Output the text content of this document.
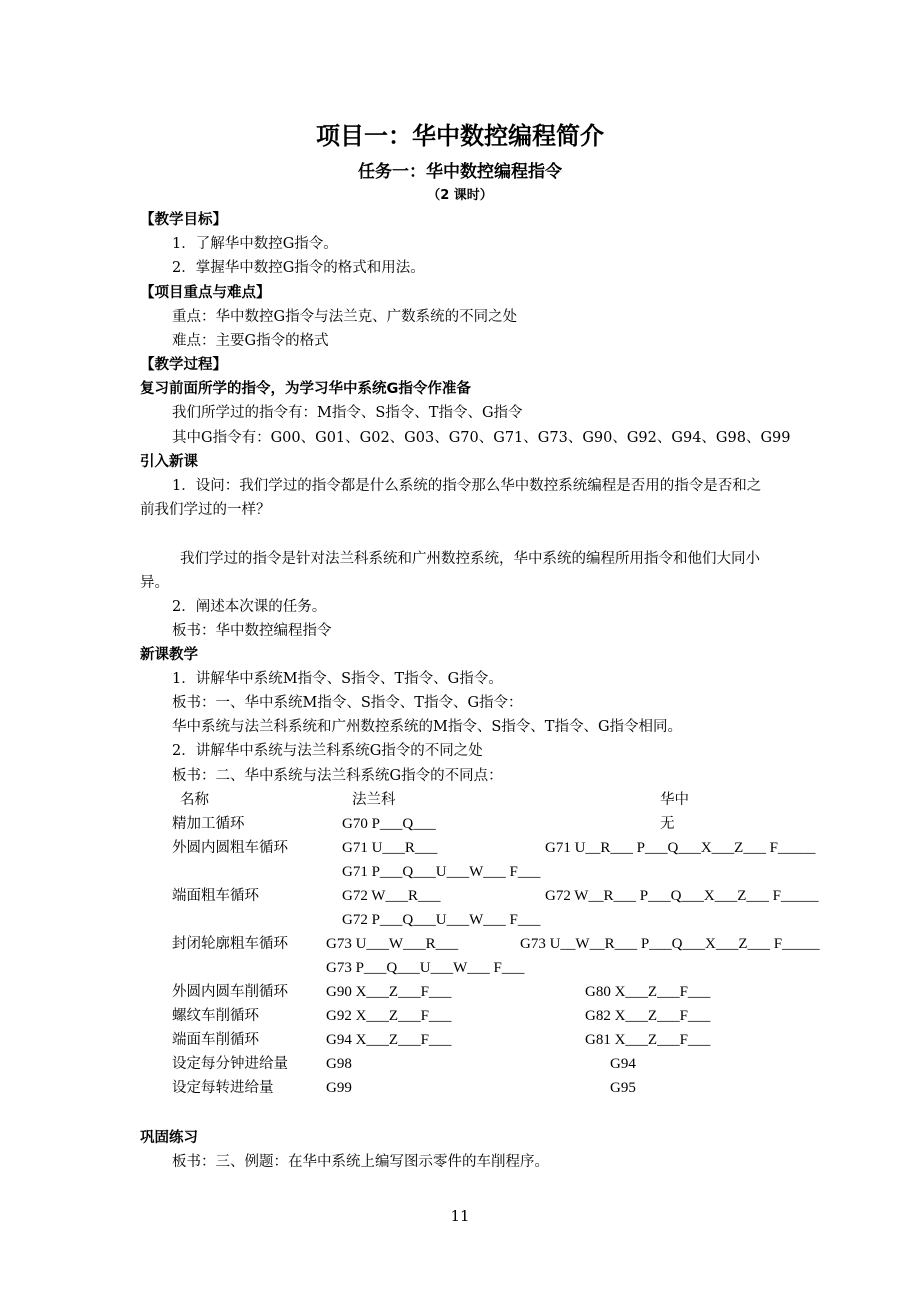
项目一：华中数控编程简介
任务一：华中数控编程指令
（2 课时）
【教学目标】
1．了解华中数控G指令。
2．掌握华中数控G指令的格式和用法。
【项目重点与难点】
重点：华中数控G指令与法兰克、广数系统的不同之处
难点：主要G指令的格式
【教学过程】
复习前面所学的指令，为学习华中系统G指令作准备
我们所学过的指令有：M指令、S指令、T指令、G指令
其中G指令有：G00、G01、G02、G03、G70、G71、G73、G90、G92、G94、G98、G99
引入新课
1．设问：我们学过的指令都是什么系统的指令那么华中数控系统编程是否用的指令是否和之
前我们学过的一样？
我们学过的指令是针对法兰科系统和广州数控系统，华中系统的编程所用指令和他们大同小
异。
2．阐述本次课的任务。
板书：华中数控编程指令
新课教学
1．讲解华中系统M指令、S指令、T指令、G指令。
板书：一、华中系统M指令、S指令、T指令、G指令：
华中系统与法兰科系统和广州数控系统的M指令、S指令、T指令、G指令相同。
2．讲解华中系统与法兰科系统G指令的不同之处
板书：二、华中系统与法兰科系统G指令的不同点：
名称	法兰科	华中
精加工循环	G70 P___Q___	无
外圆内圆粗车循环	G71 U___R___	G71 U__R___ P___Q___X___Z___ F_____
G71 P___Q___U___W___ F___
端面粗车循环	G72 W___R___	G72 W__R___ P___Q___X___Z___ F_____
G72 P___Q___U___W___ F___
封闭轮廓粗车循环	G73 U___W___R___	G73 U__W__R___ P___Q___X___Z___ F_____
G73 P___Q___U___W___ F___
外圆内圆车削循环	G90 X___Z___F___	G80 X___Z___F___
螺纹车削循环	G92 X___Z___F___	G82 X___Z___F___
端面车削循环	G94 X___Z___F___	G81 X___Z___F___
设定每分钟进给量	G98	G94
设定每转进给量	G99	G95
巩固练习
板书：三、例题：在华中系统上编写图示零件的车削程序。
11
